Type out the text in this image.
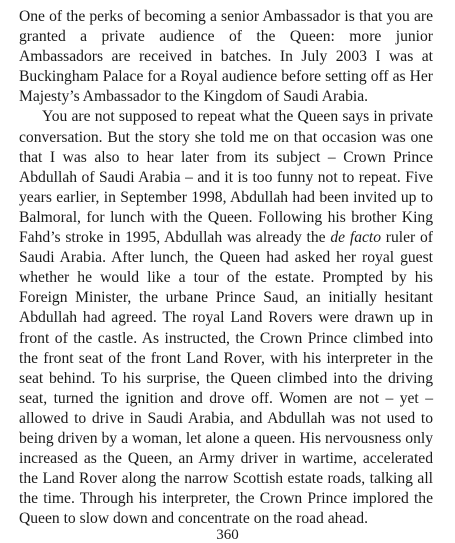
One of the perks of becoming a senior Ambassador is that you are granted a private audience of the Queen: more junior Ambassadors are received in batches. In July 2003 I was at Buckingham Palace for a Royal audience before setting off as Her Majesty’s Ambassador to the Kingdom of Saudi Arabia.

You are not supposed to repeat what the Queen says in private conversation. But the story she told me on that occasion was one that I was also to hear later from its subject – Crown Prince Abdullah of Saudi Arabia – and it is too funny not to repeat. Five years earlier, in September 1998, Abdullah had been invited up to Balmoral, for lunch with the Queen. Following his brother King Fahd’s stroke in 1995, Abdullah was already the de facto ruler of Saudi Arabia. After lunch, the Queen had asked her royal guest whether he would like a tour of the estate. Prompted by his Foreign Minister, the urbane Prince Saud, an initially hesitant Abdullah had agreed. The royal Land Rovers were drawn up in front of the castle. As instructed, the Crown Prince climbed into the front seat of the front Land Rover, with his interpreter in the seat behind. To his surprise, the Queen climbed into the driving seat, turned the ignition and drove off. Women are not – yet – allowed to drive in Saudi Arabia, and Abdullah was not used to being driven by a woman, let alone a queen. His nervousness only increased as the Queen, an Army driver in wartime, accelerated the Land Rover along the narrow Scottish estate roads, talking all the time. Through his interpreter, the Crown Prince implored the Queen to slow down and concentrate on the road ahead.

360
